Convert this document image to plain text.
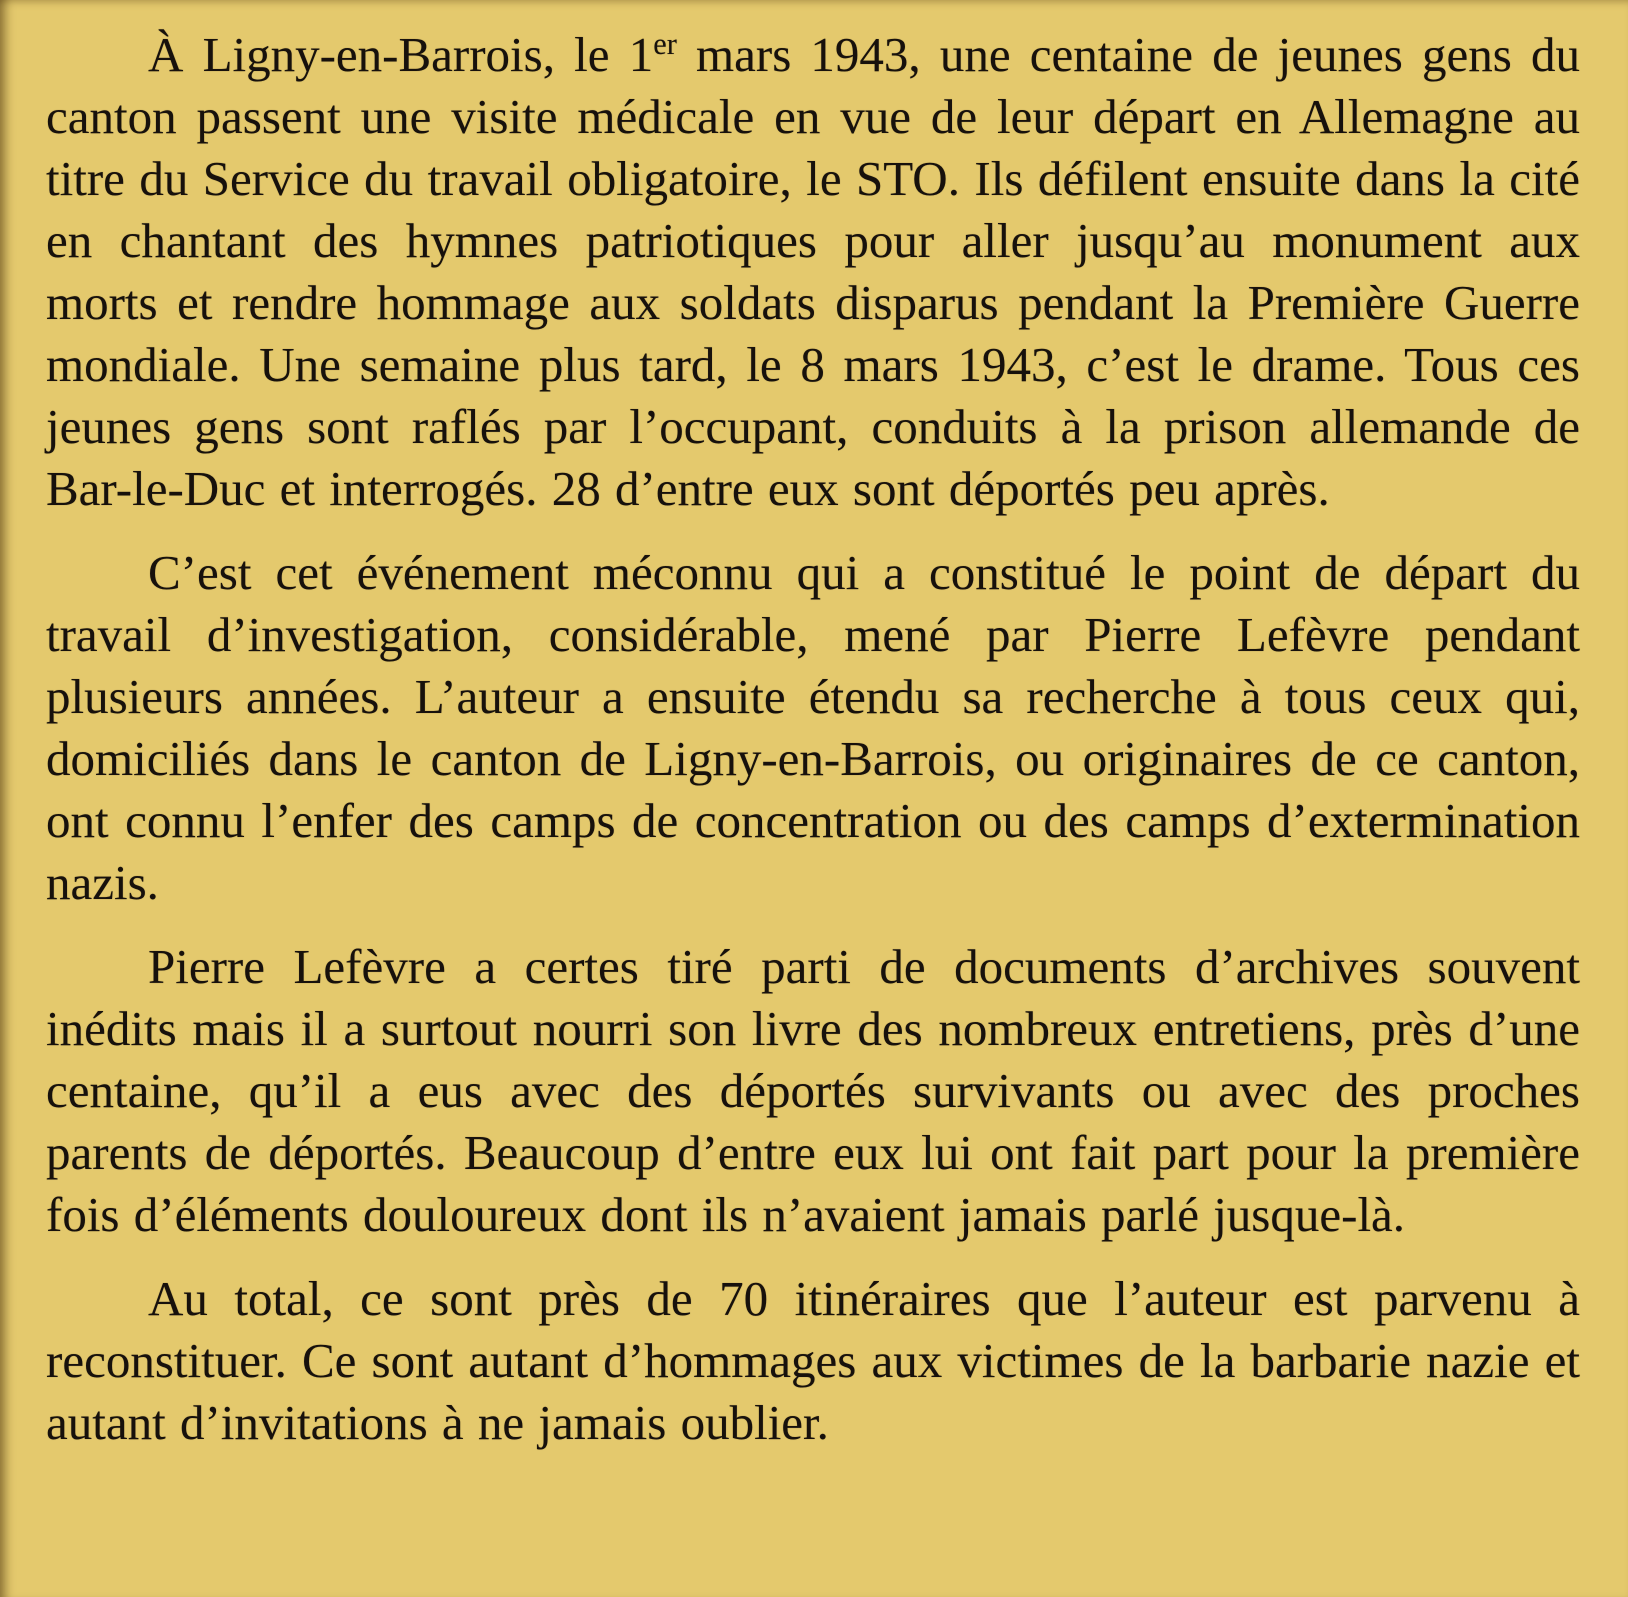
À Ligny-en-Barrois, le 1er mars 1943, une centaine de jeunes gens du canton passent une visite médicale en vue de leur départ en Allemagne au titre du Service du travail obligatoire, le STO. Ils défilent ensuite dans la cité en chantant des hymnes patriotiques pour aller jusqu’au monument aux morts et rendre hommage aux soldats disparus pendant la Première Guerre mondiale. Une semaine plus tard, le 8 mars 1943, c’est le drame. Tous ces jeunes gens sont raflés par l’occupant, conduits à la prison allemande de Bar-le-Duc et interrogés. 28 d’entre eux sont déportés peu après.

C’est cet événement méconnu qui a constitué le point de départ du travail d’investigation, considérable, mené par Pierre Lefèvre pendant plusieurs années. L’auteur a ensuite étendu sa recherche à tous ceux qui, domiciliés dans le canton de Ligny-en-Barrois, ou originaires de ce canton, ont connu l’enfer des camps de concentration ou des camps d’extermination nazis.

Pierre Lefèvre a certes tiré parti de documents d’archives souvent inédits mais il a surtout nourri son livre des nombreux entretiens, près d’une centaine, qu’il a eus avec des déportés survivants ou avec des proches parents de déportés. Beaucoup d’entre eux lui ont fait part pour la première fois d’éléments douloureux dont ils n’avaient jamais parlé jusque-là.

Au total, ce sont près de 70 itinéraires que l’auteur est parvenu à reconstituer. Ce sont autant d’hommages aux victimes de la barbarie nazie et autant d’invitations à ne jamais oublier.
